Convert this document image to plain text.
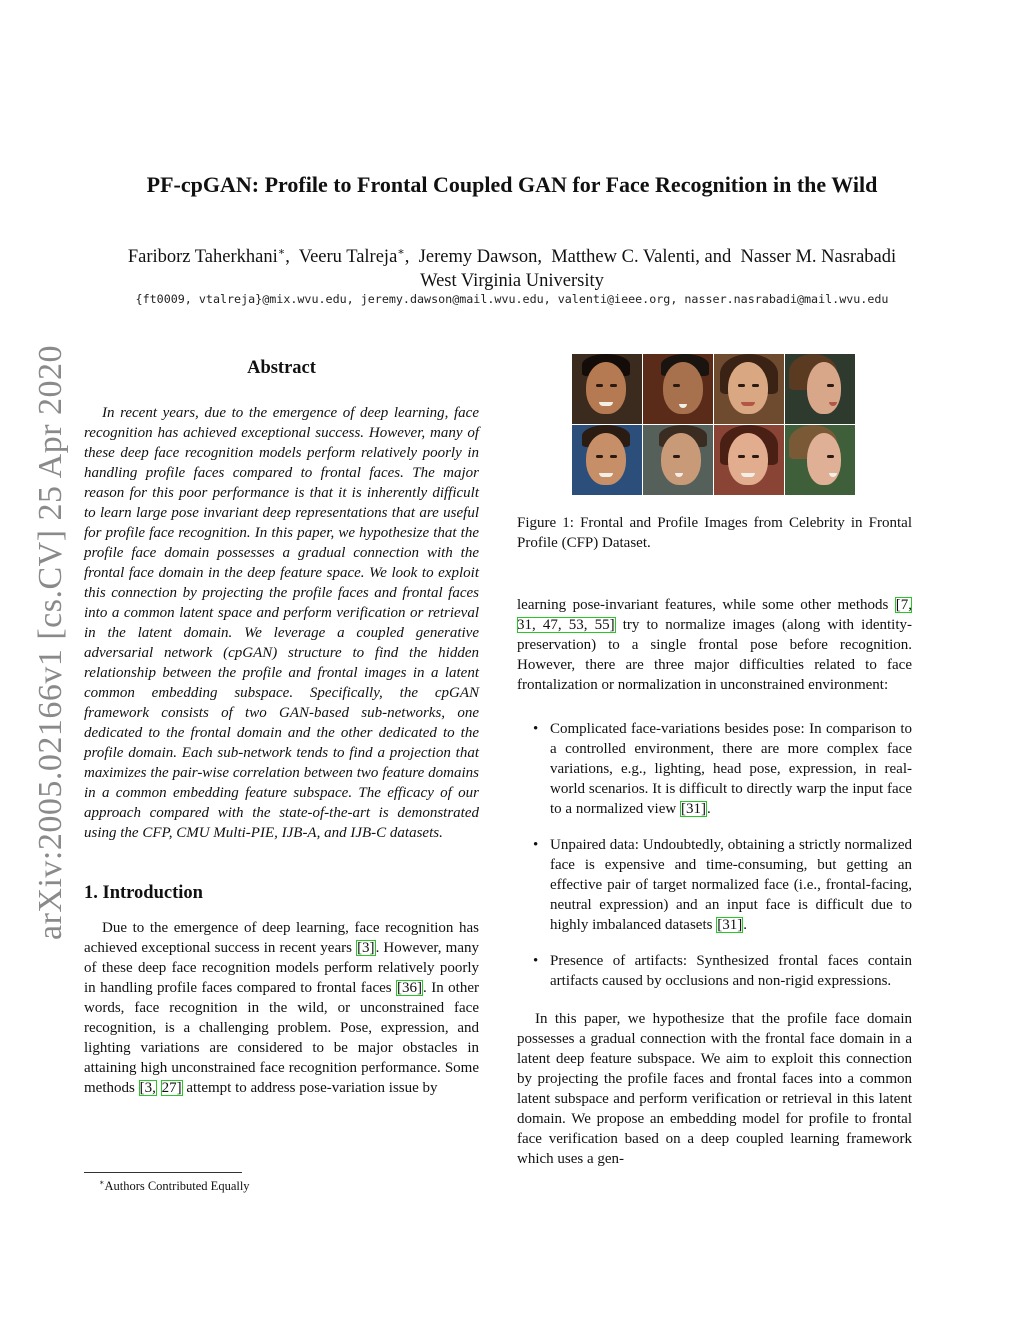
arXiv:2005.02166v1 [cs.CV] 25 Apr 2020
PF-cpGAN: Profile to Frontal Coupled GAN for Face Recognition in the Wild
Fariborz Taherkhani∗,  Veeru Talreja∗,  Jeremy Dawson, Matthew C. Valenti, and Nasser M. Nasrabadi
West Virginia University
{ft0009, vtalreja}@mix.wvu.edu, jeremy.dawson@mail.wvu.edu, valenti@ieee.org, nasser.nasrabadi@mail.wvu.edu
Abstract

In recent years, due to the emergence of deep learning, face recognition has achieved exceptional success. However, many of these deep face recognition models perform relatively poorly in handling profile faces compared to frontal faces. The major reason for this poor performance is that it is inherently difficult to learn large pose invariant deep representations that are useful for profile face recognition. In this paper, we hypothesize that the profile face domain possesses a gradual connection with the frontal face domain in the deep feature space. We look to exploit this connection by projecting the profile faces and frontal faces into a common latent space and perform verification or retrieval in the latent domain. We leverage a coupled generative adversarial network (cpGAN) structure to find the hidden relationship between the profile and frontal images in a latent common embedding subspace. Specifically, the cpGAN framework consists of two GAN-based sub-networks, one dedicated to the frontal domain and the other dedicated to the profile domain. Each sub-network tends to find a projection that maximizes the pair-wise correlation between two feature domains in a common embedding feature subspace. The efficacy of our approach compared with the state-of-the-art is demonstrated using the CFP, CMU Multi-PIE, IJB-A, and IJB-C datasets.

1. Introduction

Due to the emergence of deep learning, face recognition has achieved exceptional success in recent years [3]. However, many of these deep face recognition models perform relatively poorly in handling profile faces compared to frontal faces [36]. In other words, face recognition in the wild, or unconstrained face recognition, is a challenging problem. Pose, expression, and lighting variations are considered to be major obstacles in attaining high unconstrained face recognition performance. Some methods [3, 27] attempt to address pose-variation issue by

∗Authors Contributed Equally

Figure 1: Frontal and Profile Images from Celebrity in Frontal Profile (CFP) Dataset.

learning pose-invariant features, while some other methods [7, 31, 47, 53, 55] try to normalize images (along with identity-preservation) to a single frontal pose before recognition. However, there are three major difficulties related to face frontalization or normalization in unconstrained environment:

• Complicated face-variations besides pose: In comparison to a controlled environment, there are more complex face variations, e.g., lighting, head pose, expression, in real-world scenarios. It is difficult to directly warp the input face to a normalized view [31].
• Unpaired data: Undoubtedly, obtaining a strictly normalized face is expensive and time-consuming, but getting an effective pair of target normalized face (i.e., frontal-facing, neutral expression) and an input face is difficult due to highly imbalanced datasets [31].
• Presence of artifacts: Synthesized frontal faces contain artifacts caused by occlusions and non-rigid expressions.

In this paper, we hypothesize that the profile face domain possesses a gradual connection with the frontal face domain in a latent deep feature subspace. We aim to exploit this connection by projecting the profile faces and frontal faces into a common latent subspace and perform verification or retrieval in this latent domain. We propose an embedding model for profile to frontal face verification based on a deep coupled learning framework which uses a gen-
